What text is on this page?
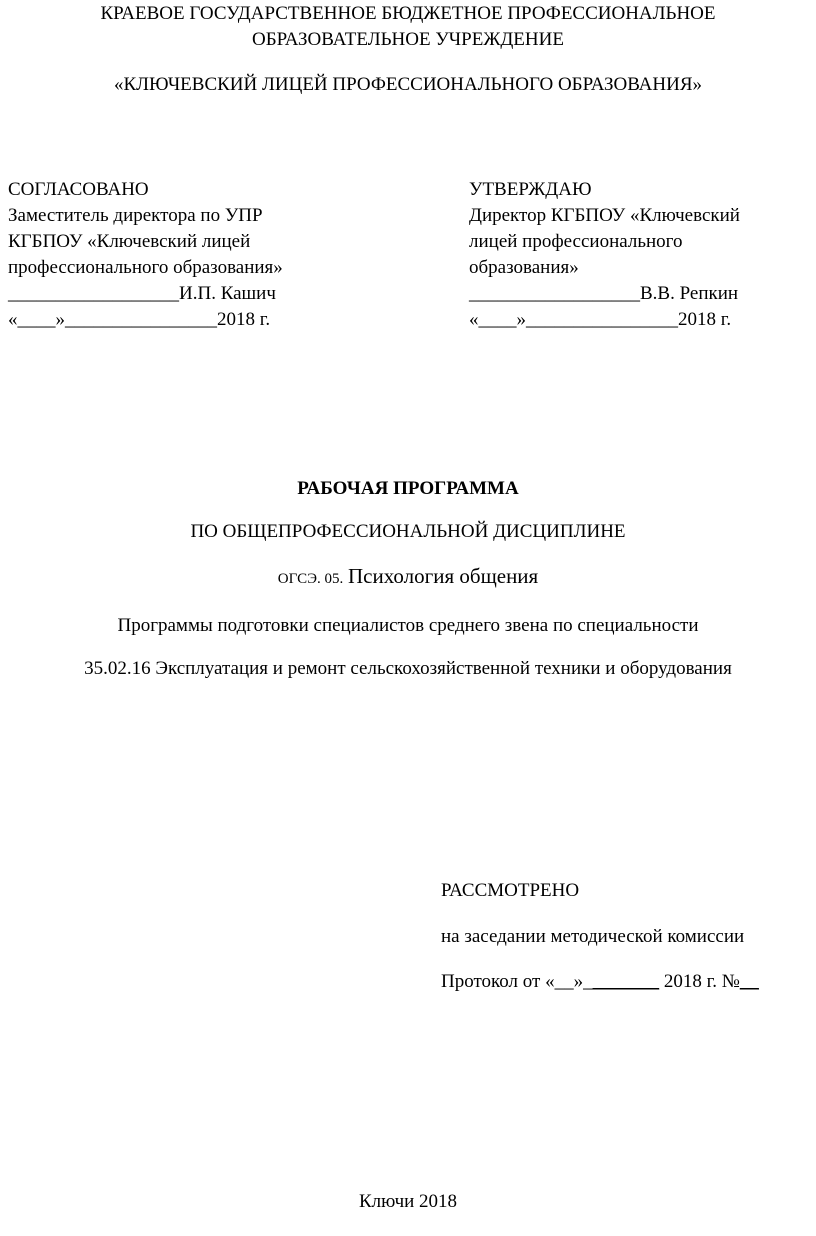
КРАЕВОЕ ГОСУДАРСТВЕННОЕ БЮДЖЕТНОЕ ПРОФЕССИОНАЛЬНОЕ
ОБРАЗОВАТЕЛЬНОЕ УЧРЕЖДЕНИЕ
«КЛЮЧЕВСКИЙ ЛИЦЕЙ ПРОФЕССИОНАЛЬНОГО ОБРАЗОВАНИЯ»
СОГЛАСОВАНО
Заместитель директора по УПР
КГБПОУ «Ключевский лицей
профессионального образования»
__________________И.П. Кашич
«____»________________2018 г.
УТВЕРЖДАЮ
Директор КГБПОУ «Ключевский
лицей профессионального
образования»
__________________В.В. Репкин
«____»________________2018 г.
РАБОЧАЯ ПРОГРАММА
ПО ОБЩЕПРОФЕССИОНАЛЬНОЙ ДИСЦИПЛИНЕ
ОГСЭ. 05. Психология общения
Программы подготовки специалистов среднего звена по специальности
35.02.16 Эксплуатация и ремонт сельскохозяйственной техники и оборудования
РАССМОТРЕНО
на заседании методической комиссии
Протокол от «__»________ 2018 г. №__
Ключи 2018
